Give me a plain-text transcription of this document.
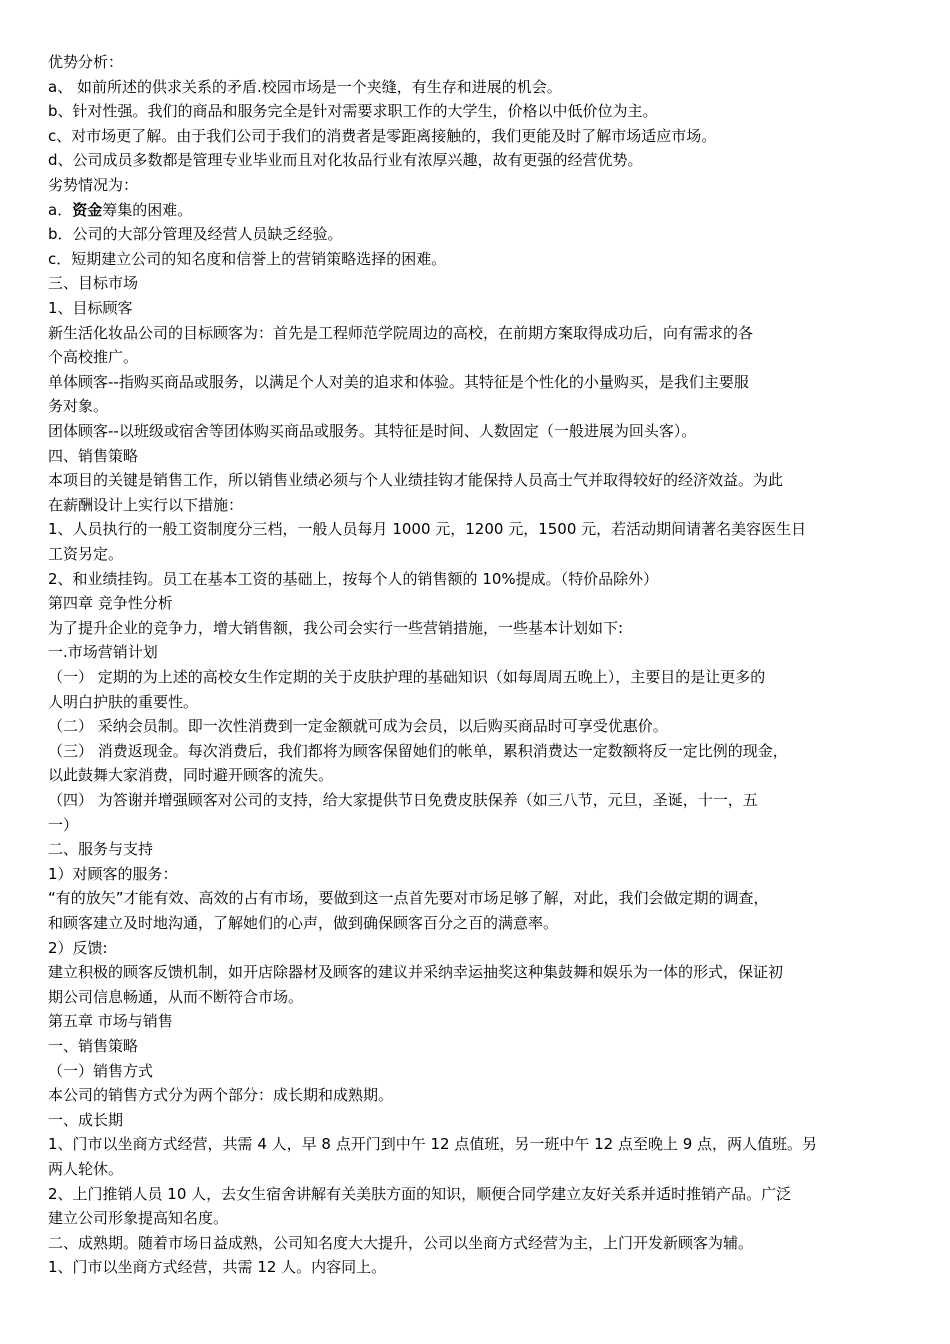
优势分析：
a、 如前所述的供求关系的矛盾.校园市场是一个夹缝，有生存和进展的机会。
b、针对性强。我们的商品和服务完全是针对需要求职工作的大学生，价格以中低价位为主。
c、对市场更了解。由于我们公司于我们的消费者是零距离接触的，我们更能及时了解市场适应市场。
d、公司成员多数都是管理专业毕业而且对化妆品行业有浓厚兴趣，故有更强的经营优势。
劣势情况为：
a．资金筹集的困难。
b．公司的大部分管理及经营人员缺乏经验。
c．短期建立公司的知名度和信誉上的营销策略选择的困难。
三、目标市场
1、目标顾客
新生活化妆品公司的目标顾客为：首先是工程师范学院周边的高校，在前期方案取得成功后，向有需求的各
个高校推广。
单体顾客--指购买商品或服务，以满足个人对美的追求和体验。其特征是个性化的小量购买，是我们主要服
务对象。
团体顾客--以班级或宿舍等团体购买商品或服务。其特征是时间、人数固定（一般进展为回头客）。
四、销售策略
本项目的关键是销售工作，所以销售业绩必须与个人业绩挂钩才能保持人员高士气并取得较好的经济效益。为此
在薪酬设计上实行以下措施：
1、人员执行的一般工资制度分三档，一般人员每月 1000 元，1200 元，1500 元，若活动期间请著名美容医生日
工资另定。
2、和业绩挂钩。员工在基本工资的基础上，按每个人的销售额的 10%提成。（特价品除外）
第四章 竞争性分析
为了提升企业的竞争力，增大销售额，我公司会实行一些营销措施，一些基本计划如下:
一.市场营销计划
（一） 定期的为上述的高校女生作定期的关于皮肤护理的基础知识（如每周周五晚上），主要目的是让更多的
人明白护肤的重要性。
（二） 采纳会员制。即一次性消费到一定金额就可成为会员，以后购买商品时可享受优惠价。
（三） 消费返现金。每次消费后，我们都将为顾客保留她们的帐单，累积消费达一定数额将反一定比例的现金，
以此鼓舞大家消费，同时避开顾客的流失。
（四） 为答谢并增强顾客对公司的支持，给大家提供节日免费皮肤保养（如三八节，元旦，圣诞，十一，五
一）
二、服务与支持
1）对顾客的服务：
“有的放矢”才能有效、高效的占有市场，要做到这一点首先要对市场足够了解，对此，我们会做定期的调查，
和顾客建立及时地沟通，了解她们的心声，做到确保顾客百分之百的满意率。
2）反馈:
建立积极的顾客反馈机制，如开店除器材及顾客的建议并采纳幸运抽奖这种集鼓舞和娱乐为一体的形式，保证初
期公司信息畅通，从而不断符合市场。
第五章 市场与销售
一、销售策略
（一）销售方式
本公司的销售方式分为两个部分：成长期和成熟期。
一、成长期
1、门市以坐商方式经营，共需 4 人，早 8 点开门到中午 12 点值班，另一班中午 12 点至晚上 9 点，两人值班。另
两人轮休。
2、上门推销人员 10 人，去女生宿舍讲解有关美肤方面的知识，顺便合同学建立友好关系并适时推销产品。广泛
建立公司形象提高知名度。
二、成熟期。随着市场日益成熟，公司知名度大大提升，公司以坐商方式经营为主，上门开发新顾客为辅。
1、门市以坐商方式经营，共需 12 人。内容同上。
